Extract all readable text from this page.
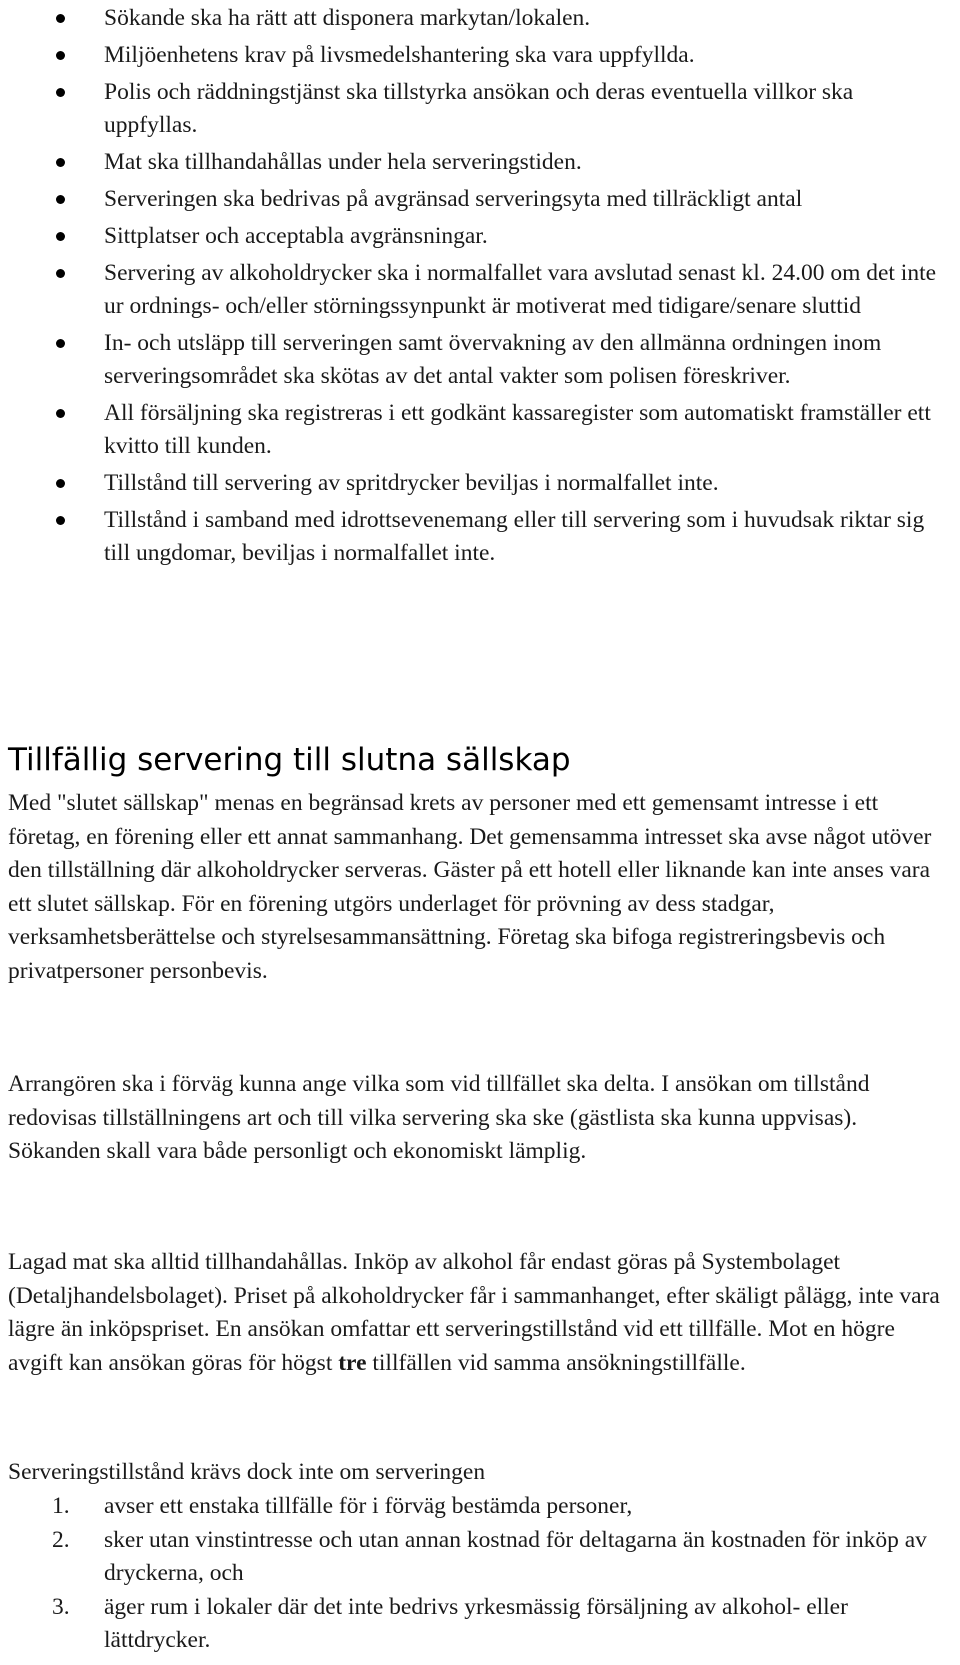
Sökande ska ha rätt att disponera markytan/lokalen.
Miljöenhetens krav på livsmedelshantering ska vara uppfyllda.
Polis och räddningstjänst ska tillstyrka ansökan och deras eventuella villkor ska uppfyllas.
Mat ska tillhandahållas under hela serveringstiden.
Serveringen ska bedrivas på avgränsad serveringsyta med tillräckligt antal
Sittplatser och acceptabla avgränsningar.
Servering av alkoholdrycker ska i normalfallet vara avslutad senast kl. 24.00 om det inte ur ordnings- och/eller störningssynpunkt är motiverat med tidigare/senare sluttid
In- och utsläpp till serveringen samt övervakning av den allmänna ordningen inom serveringsområdet ska skötas av det antal vakter som polisen föreskriver.
All försäljning ska registreras i ett godkänt kassaregister som automatiskt framställer ett kvitto till kunden.
Tillstånd till servering av spritdrycker beviljas i normalfallet inte.
Tillstånd i samband med idrottsevenemang eller till servering som i huvudsak riktar sig till ungdomar, beviljas i normalfallet inte.
Tillfällig servering till slutna sällskap

Med "slutet sällskap" menas en begränsad krets av personer med ett gemensamt intresse i ett företag, en förening eller ett annat sammanhang. Det gemensamma intresset ska avse något utöver den tillställning där alkoholdrycker serveras. Gäster på ett hotell eller liknande kan inte anses vara ett slutet sällskap. För en förening utgörs underlaget för prövning av dess stadgar, verksamhetsberättelse och styrelsesammansättning. Företag ska bifoga registreringsbevis och privatpersoner personbevis.

Arrangören ska i förväg kunna ange vilka som vid tillfället ska delta. I ansökan om tillstånd redovisas tillställningens art och till vilka servering ska ske (gästlista ska kunna uppvisas). Sökanden skall vara både personligt och ekonomiskt lämplig.

Lagad mat ska alltid tillhandahållas. Inköp av alkohol får endast göras på Systembolaget (Detaljhandelsbolaget). Priset på alkoholdrycker får i sammanhanget, efter skäligt pålägg, inte vara lägre än inköpspriset. En ansökan omfattar ett serveringstillstånd vid ett tillfälle. Mot en högre avgift kan ansökan göras för högst tre tillfällen vid samma ansökningstillfälle.

Serveringstillstånd krävs dock inte om serveringen

1. avser ett enstaka tillfälle för i förväg bestämda personer,
2. sker utan vinstintresse och utan annan kostnad för deltagarna än kostnaden för inköp av dryckerna, och
3. äger rum i lokaler där det inte bedrivs yrkesmässig försäljning av alkohol- eller lättdrycker.
